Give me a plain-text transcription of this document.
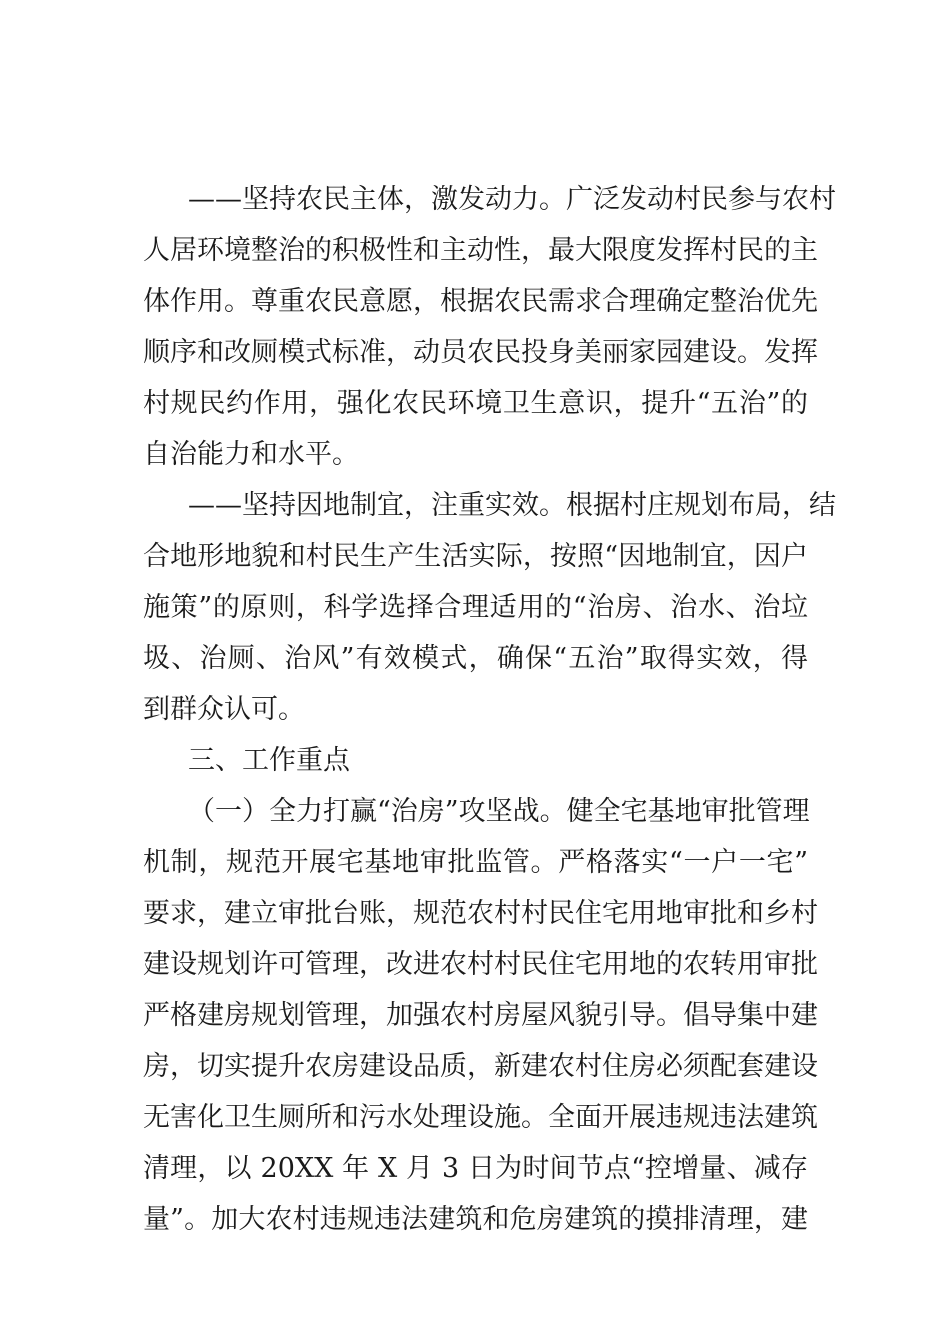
——坚持农民主体，激发动力。广泛发动村民参与农村
人居环境整治的积极性和主动性，最大限度发挥村民的主
体作用。尊重农民意愿，根据农民需求合理确定整治优先
顺序和改厕模式标准，动员农民投身美丽家园建设。发挥
村规民约作用，强化农民环境卫生意识，提升“五治”的
自治能力和水平。
——坚持因地制宜，注重实效。根据村庄规划布局，结
合地形地貌和村民生产生活实际，按照“因地制宜，因户
施策”的原则，科学选择合理适用的“治房、治水、治垃
圾、治厕、治风”有效模式，确保“五治”取得实效，得
到群众认可。
三、工作重点
（一）全力打赢“治房”攻坚战。健全宅基地审批管理
机制，规范开展宅基地审批监管。严格落实“一户一宅”
要求，建立审批台账，规范农村村民住宅用地审批和乡村
建设规划许可管理，改进农村村民住宅用地的农转用审批
严格建房规划管理，加强农村房屋风貌引导。倡导集中建
房，切实提升农房建设品质，新建农村住房必须配套建设
无害化卫生厕所和污水处理设施。全面开展违规违法建筑
清理，以 20XX 年 X 月 3 日为时间节点“控增量、减存
量”。加大农村违规违法建筑和危房建筑的摸排清理，建
